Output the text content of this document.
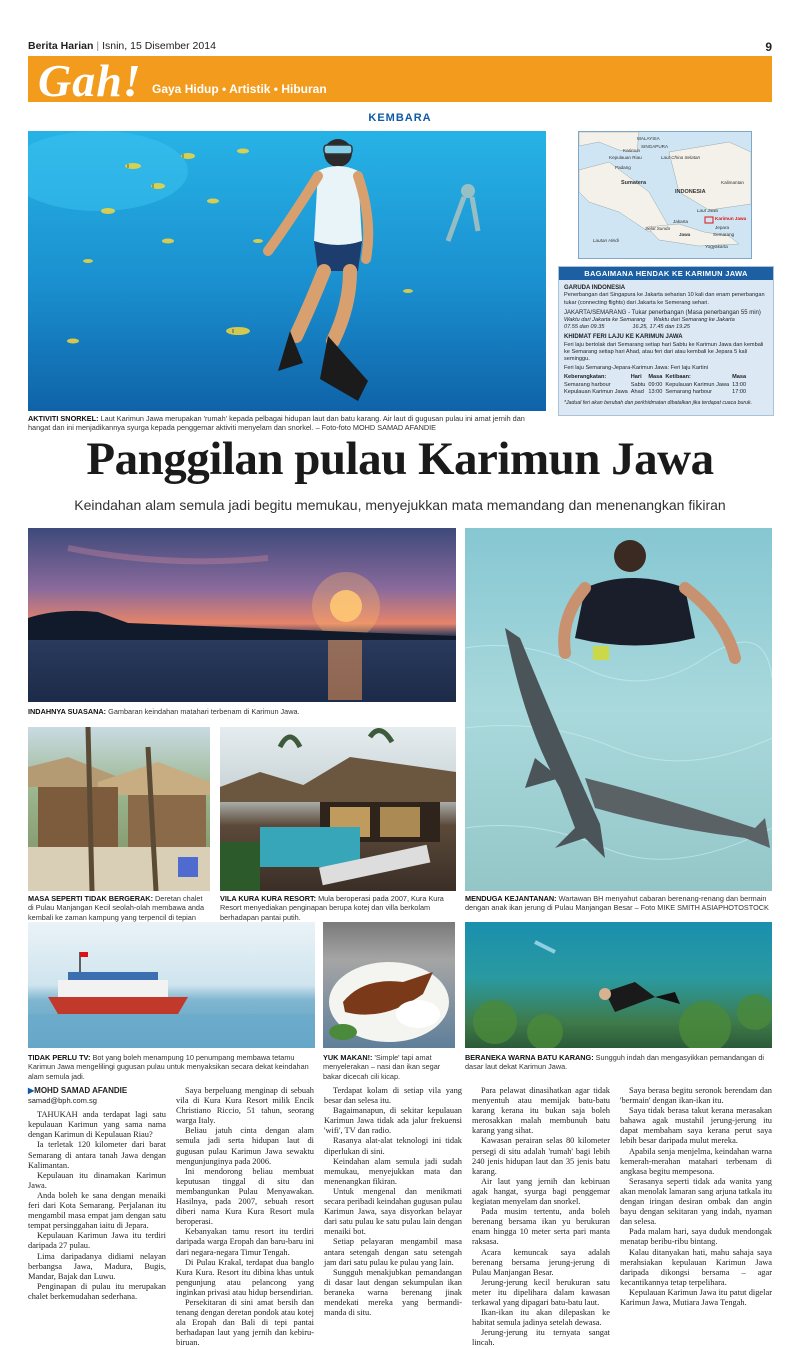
Berita Harian | Isnin, 15 Disember 2014	9
Gah! Gaya Hidup • Artistik • Hiburan
KEMBARA
AKTIVITI SNORKEL: Laut Karimun Jawa merupakan 'rumah' kepada pelbagai hidupan laut dan batu karang. Air laut di gugusan pulau ini amat jernih dan hangat dan ini menjadikannya syurga kepada penggemar aktiviti menyelam dan snorkel. – Foto-foto MOHD SAMAD AFANDIE
MALAYSIA
SINGAPURA
Karimun
Kepulauan Riau
Padang
Laut China Selatan
Sumatera
INDONESIA
Kalimantan
Laut Jawa
Karimun Jawa
Jakarta
Selat Sunda	Jepara
Semarang
Jawa
Lautan Hindi
Yogyakarta
BAGAIMANA HENDAK KE KARIMUN JAWA
GARUDA INDONESIA
Penerbangan dari Singapura ke Jakarta seharian 10 kali dan enam penerbangan tukar (connecting flights) dari Jakarta ke Semerang sehari.
JAKARTA/SEMARANG - Tukar penerbangan (Masa penerbangan 55 min)
Waktu dari Jakarta ke Semarang Waktu dari Semarang ke Jakarta
07.55 dan 09.35	16.25, 17.45 dan 19.25
KHIDMAT FERI LAJU KE KARIMUN JAWA
Feri laju bertolak dari Semarang setiap hari Sabtu ke Karimun Jawa dan kembali ke Semarang setiap hari Ahad, atau feri dari atau kembali ke Jepara 5 kali seminggu.
Feri laju Semarang-Jepara-Karimun Jawa: Feri laju Kartini
Keberangkatan:	Hari	Masa	Ketibaan:	Masa
Semarang harbour	Sabtu	09:00	Kepulauan Karimun Jawa	13:00
Kepulauan Karimun Jawa	Ahad	13:00	Semarang harbour	17:00
*Jadual feri akan berubah dan perkhidmatan dibatalkan jika terdapat cuaca buruk.
Panggilan pulau Karimun Jawa
Keindahan alam semula jadi begitu memukau, menyejukkan mata memandang dan menenangkan fikiran
INDAHNYA SUASANA: Gambaran keindahan matahari terbenam di Karimun Jawa.
MENDUGA KEJANTANAN: Wartawan BH menyahut cabaran berenang-renang dan bermain dengan anak ikan jerung di Pulau Manjangan Besar – Foto MIKE SMITH ASIAPHOTOSTOCK
MASA SEPERTI TIDAK BERGERAK: Deretan chalet di Pulau Manjangan Kecil seolah-olah membawa anda kembali ke zaman kampung yang terpencil di tepian
VILA KURA KURA RESORT: Mula beroperasi pada 2007, Kura Kura Resort menyediakan penginapan berupa kotej dan villa berkolam berhadapan pantai putih.
TIDAK PERLU TV: Bot yang boleh menampung 10 penumpang membawa tetamu Karimun Jawa mengelilingi gugusan pulau untuk menyaksikan secara dekat keindahan alam semula jadi.
YUK MAKAN!: 'Simple' tapi amat menyelerakan – nasi dan ikan segar bakar dicecah cili kicap.
BERANEKA WARNA BATU KARANG: Sungguh indah dan mengasyikkan pemandangan di dasar laut dekat Karimun Jawa.
▶MOHD SAMAD AFANDIE
samad@bph.com.sg

TAHUKAH anda terdapat lagi satu kepulauan Karimun yang sama nama dengan Karimun di Kepulauan Riau?

Ia terletak 120 kilometer dari barat Semarang di antara tanah Jawa dengan Kalimantan.

Kepulauan itu dinamakan Karimun Jawa.

Anda boleh ke sana dengan menaiki feri dari Kota Semarang. Perjalanan itu mengambil masa empat jam dengan satu tempat persinggahan iaitu di Jepara.

Kepulauan Karimun Jawa itu terdiri daripada 27 pulau.

Lima daripadanya didiami nelayan berbangsa Jawa, Madura, Bugis, Mandar, Bajak dan Luwu.

Penginapan di pulau itu merupakan chalet berkemudahan sederhana.

Saya berpeluang menginap di sebuah vila di Kura Kura Resort milik Encik Christiano Riccio, 51 tahun, seorang warga Italy.

Beliau jatuh cinta dengan alam semula jadi serta hidupan laut di gugusan pulau Karimun Jawa sewaktu mengunjunginya pada 2006.

Ini mendorong beliau membuat keputusan tinggal di situ dan membangunkan Pulau Menyawakan. Hasilnya, pada 2007, sebuah resort diberi nama Kura Kura Resort mula beroperasi.

Kebanyakan tamu resort itu terdiri daripada warga Eropah dan baru-baru ini dari negara-negara Timur Tengah.

Di Pulau Krakal, terdapat dua banglo Kura Kura. Resort itu dibina khas untuk pengunjung atau pelancong yang inginkan privasi atau hidup bersendirian.

Persekitaran di sini amat bersih dan tenang dengan deretan pondok atau kotej ala Eropah dan Bali di tepi pantai berhadapan laut yang jernih dan kebiru-biruan.

Terdapat kolam di setiap vila yang besar dan selesa itu.

Bagaimanapun, di sekitar kepulauan Karimun Jawa tidak ada jalur frekuensi 'wifi', TV dan radio.

Rasanya alat-alat teknologi ini tidak diperlukan di sini.

Keindahan alam semula jadi sudah memukau, menyejukkan mata dan menenangkan fikiran.

Untuk mengenal dan menikmati secara peribadi keindahan gugusan pulau Karimun Jawa, saya disyorkan belayar dari satu pulau ke satu pulau lain dengan menaiki bot.

Setiap pelayaran mengambil masa antara setengah dengan satu setengah jam dari satu pulau ke pulau yang lain.

Sungguh menakjubkan pemandangan di dasar laut dengan sekumpulan ikan beraneka warna berenang jinak mendekati mereka yang bermandi-manda di situ.

Para pelawat dinasihatkan agar tidak menyentuh atau memijak batu-batu karang kerana itu bukan saja boleh merosakkan malah membunuh batu karang yang sihat.

Kawasan perairan selas 80 kilometer persegi di situ adalah 'rumah' bagi lebih 240 jenis hidupan laut dan 35 jenis batu karang.

Air laut yang jernih dan kebiruan agak hangat, syurga bagi penggemar kegiatan menyelam dan snorkel.

Pada musim tertentu, anda boleh berenang bersama ikan yu berukuran enam hingga 10 meter serta pari manta raksasa.

Acara kemuncak saya adalah berenang bersama jerung-jerung di Pulau Manjangan Besar.

Jerung-jerung kecil berukuran satu meter itu dipelihara dalam kawasan terkawal yang dipagari batu-batu laut.

Ikan-ikan itu akan dilepaskan ke habitat semula jadinya setelah dewasa.

Jerung-jerung itu ternyata sangat lincah.

Saya berasa begitu seronok berendam dan 'bermain' dengan ikan-ikan itu.

Saya tidak berasa takut kerana merasakan bahawa agak mustahil jerung-jerung itu dapat membaham saya kerana perut saya lebih besar daripada mulut mereka.

Apabila senja menjelma, keindahan warna kemerah-merahan matahari terbenam di angkasa begitu mempesona.

Serasanya seperti tidak ada wanita yang akan menolak lamaran sang arjuna tatkala itu dengan iringan desiran ombak dan angin bayu dengan sekitaran yang indah, nyaman dan selesa.

Pada malam hari, saya duduk mendongak menatap beribu-ribu bintang.

Kalau ditanyakan hati, mahu sahaja saya merahsiakan kepulauan Karimun Jawa daripada dikongsi bersama – agar kecantikannya tetap terpelihara.

Kepulauan Karimun Jawa itu patut digelar Karimun Jawa, Mutiara Jawa Tengah.
